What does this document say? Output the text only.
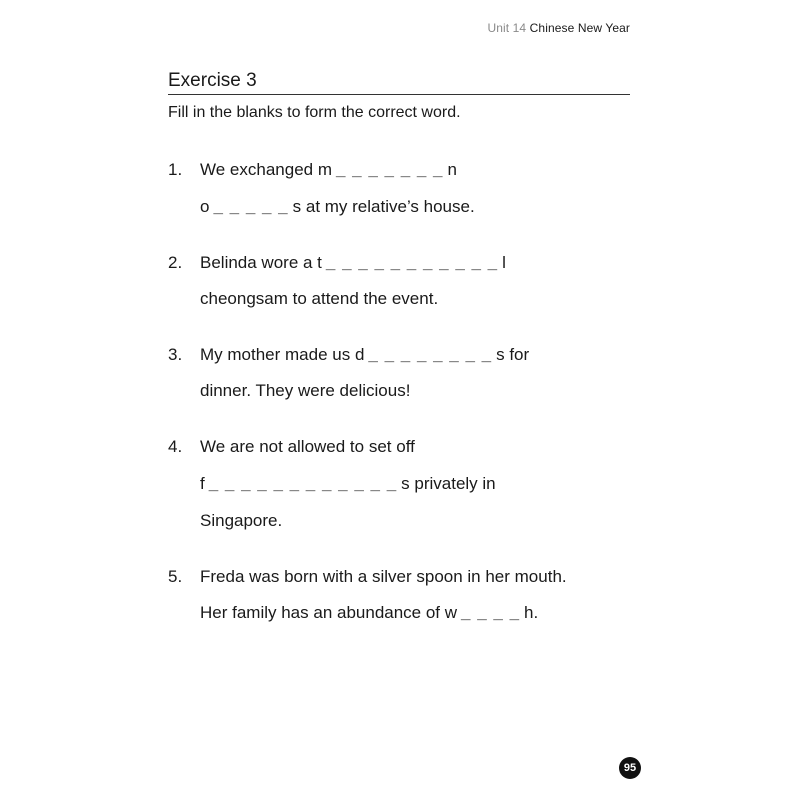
Unit 14 Chinese New Year
Exercise 3
Fill in the blanks to form the correct word.
1. We exchanged m _ _ _ _ _ _ _ n
o _ _ _ _ _ s at my relative’s house.
2. Belinda wore a t _ _ _ _ _ _ _ _ _ _ _ l
cheongsam to attend the event.
3. My mother made us d _ _ _ _ _ _ _ _ s for
dinner. They were delicious!
4. We are not allowed to set off
f _ _ _ _ _ _ _ _ _ _ _ _ s privately in
Singapore.
5. Freda was born with a silver spoon in her mouth.
Her family has an abundance of w _ _ _ _ h.
95
